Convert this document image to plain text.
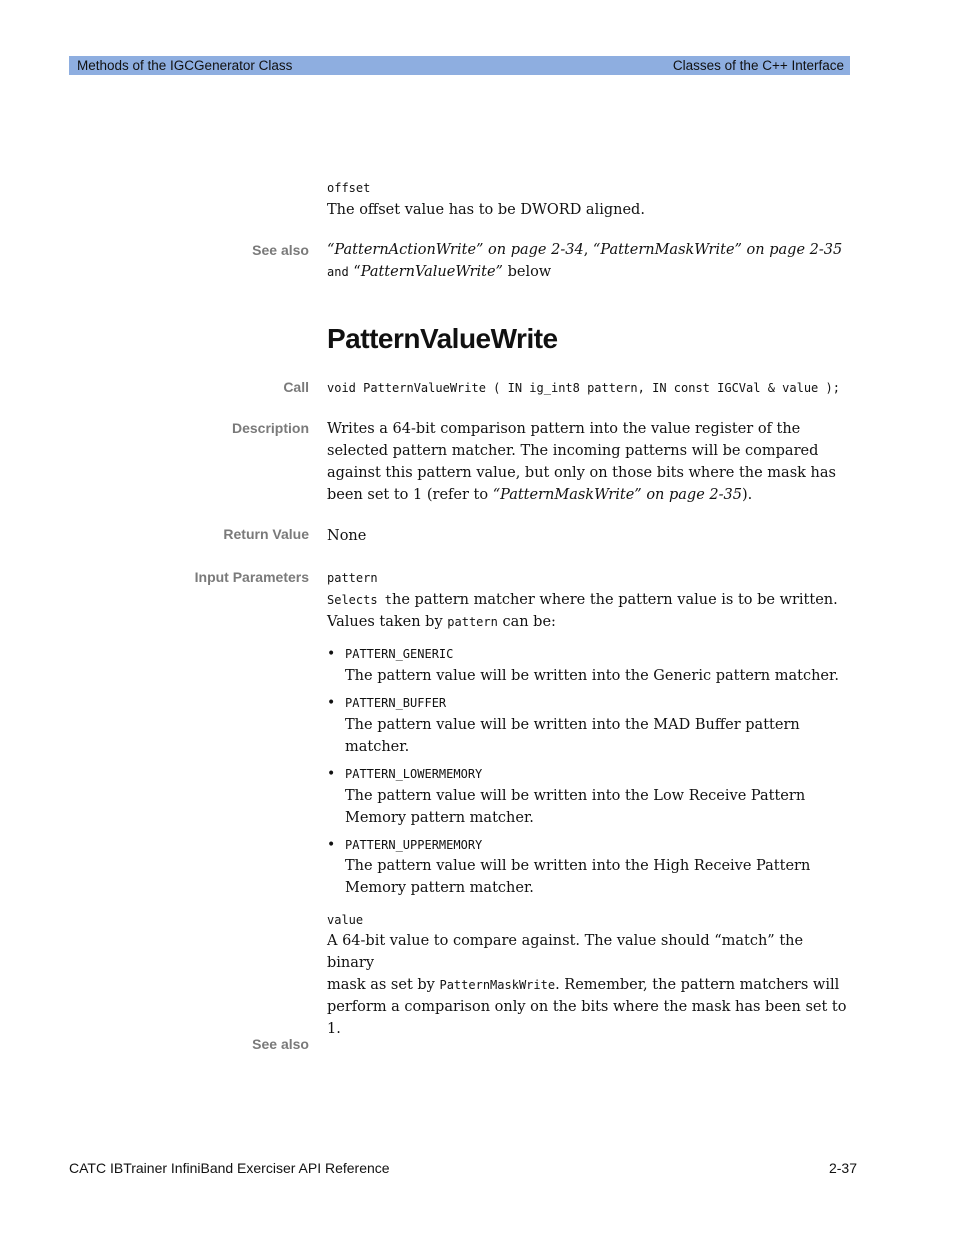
Methods of the IGCGenerator Class	Classes of the C++ Interface
offset
The offset value has to be DWORD aligned.
See also “PatternActionWrite” on page 2-34, “PatternMaskWrite” on page 2-35
and “PatternValueWrite” below
PatternValueWrite
Call void PatternValueWrite ( IN ig_int8 pattern, IN const IGCVal & value );
Description Writes a 64-bit comparison pattern into the value register of the
selected pattern matcher. The incoming patterns will be compared
against this pattern value, but only on those bits where the mask has
been set to 1 (refer to “PatternMaskWrite” on page 2-35).
Return Value None
Input Parameters pattern
Selects the pattern matcher where the pattern value is to be written.
Values taken by pattern can be:
• PATTERN_GENERIC
The pattern value will be written into the Generic pattern matcher.
• PATTERN_BUFFER
The pattern value will be written into the MAD Buffer pattern
matcher.
• PATTERN_LOWERMEMORY
The pattern value will be written into the Low Receive Pattern
Memory pattern matcher.
• PATTERN_UPPERMEMORY
The pattern value will be written into the High Receive Pattern
Memory pattern matcher.
value
A 64-bit value to compare against. The value should “match” the binary
mask as set by PatternMaskWrite. Remember, the pattern matchers will
perform a comparison only on the bits where the mask has been set to
1.
See also
CATC IBTrainer InfiniBand Exerciser API Reference	2-37
